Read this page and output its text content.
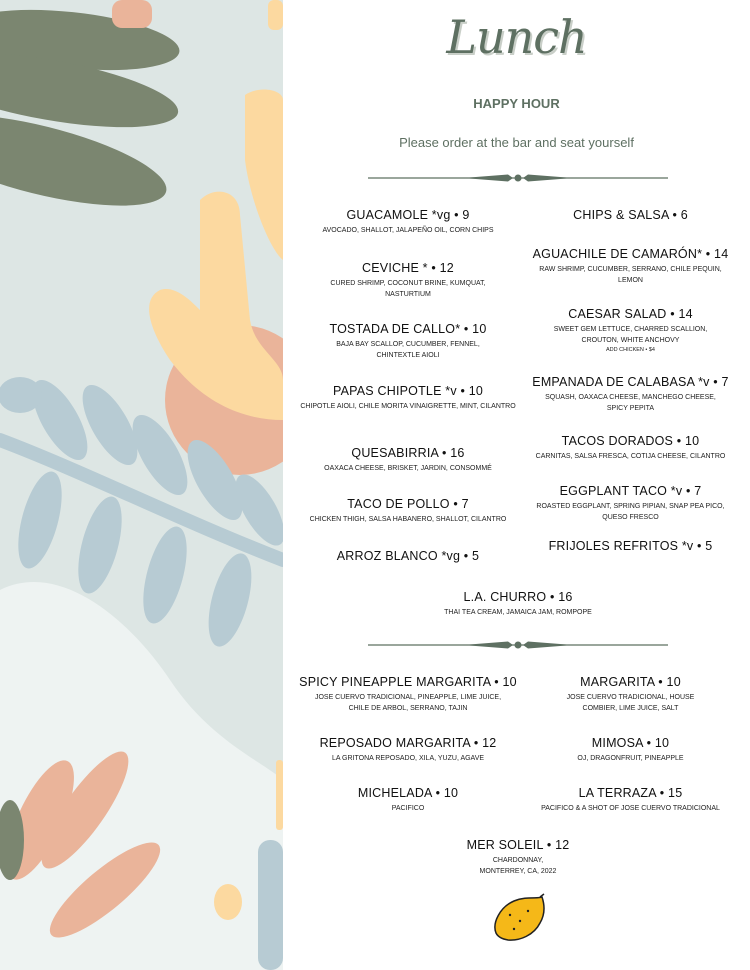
Lunch
HAPPY HOUR
Please order at the bar and seat yourself
GUACAMOLE *vg • 9
AVOCADO, SHALLOT, JALAPEÑO OIL, CORN CHIPS
CEVICHE * • 12
CURED SHRIMP, COCONUT BRINE, KUMQUAT, NASTURTIUM
TOSTADA DE CALLO* • 10
BAJA BAY SCALLOP, CUCUMBER, FENNEL, CHINTEXTLE AIOLI
PAPAS CHIPOTLE *v • 10
CHIPOTLE AIOLI, CHILE MORITA VINAIGRETTE, MINT, CILANTRO
QUESABIRRIA • 16
OAXACA CHEESE, BRISKET, JARDIN, CONSOMMÉ
TACO DE POLLO • 7
CHICKEN THIGH, SALSA HABANERO, SHALLOT, CILANTRO
ARROZ BLANCO *vg • 5
CHIPS & SALSA • 6
AGUACHILE DE CAMARÓN* • 14
RAW SHRIMP, CUCUMBER, SERRANO, CHILE PEQUIN, LEMON
CAESAR SALAD • 14
SWEET GEM LETTUCE, CHARRED SCALLION, CROUTON, WHITE ANCHOVY
ADD CHICKEN • $4
EMPANADA DE CALABASA *v • 7
SQUASH, OAXACA CHEESE, MANCHEGO CHEESE, SPICY PEPITA
TACOS DORADOS • 10
CARNITAS, SALSA FRESCA, COTIJA CHEESE, CILANTRO
EGGPLANT TACO *v • 7
ROASTED EGGPLANT, SPRING PIPIAN, SNAP PEA PICO, QUESO FRESCO
FRIJOLES REFRITOS *v • 5
L.A. CHURRO • 16
THAI TEA CREAM, JAMAICA JAM, ROMPOPE
SPICY PINEAPPLE MARGARITA • 10
JOSE CUERVO TRADICIONAL, PINEAPPLE, LIME JUICE, CHILE DE ARBOL, SERRANO, TAJIN
REPOSADO MARGARITA • 12
LA GRITONA REPOSADO, XILA, YUZU, AGAVE
MICHELADA • 10
PACIFICO
MARGARITA • 10
JOSE CUERVO TRADICIONAL, HOUSE COMBIER, LIME JUICE, SALT
MIMOSA • 10
OJ, DRAGONFRUIT, PINEAPPLE
LA TERRAZA • 15
PACIFICO & A SHOT OF JOSE CUERVO TRADICIONAL
MER SOLEIL • 12
CHARDONNAY,
MONTERREY, CA, 2022
